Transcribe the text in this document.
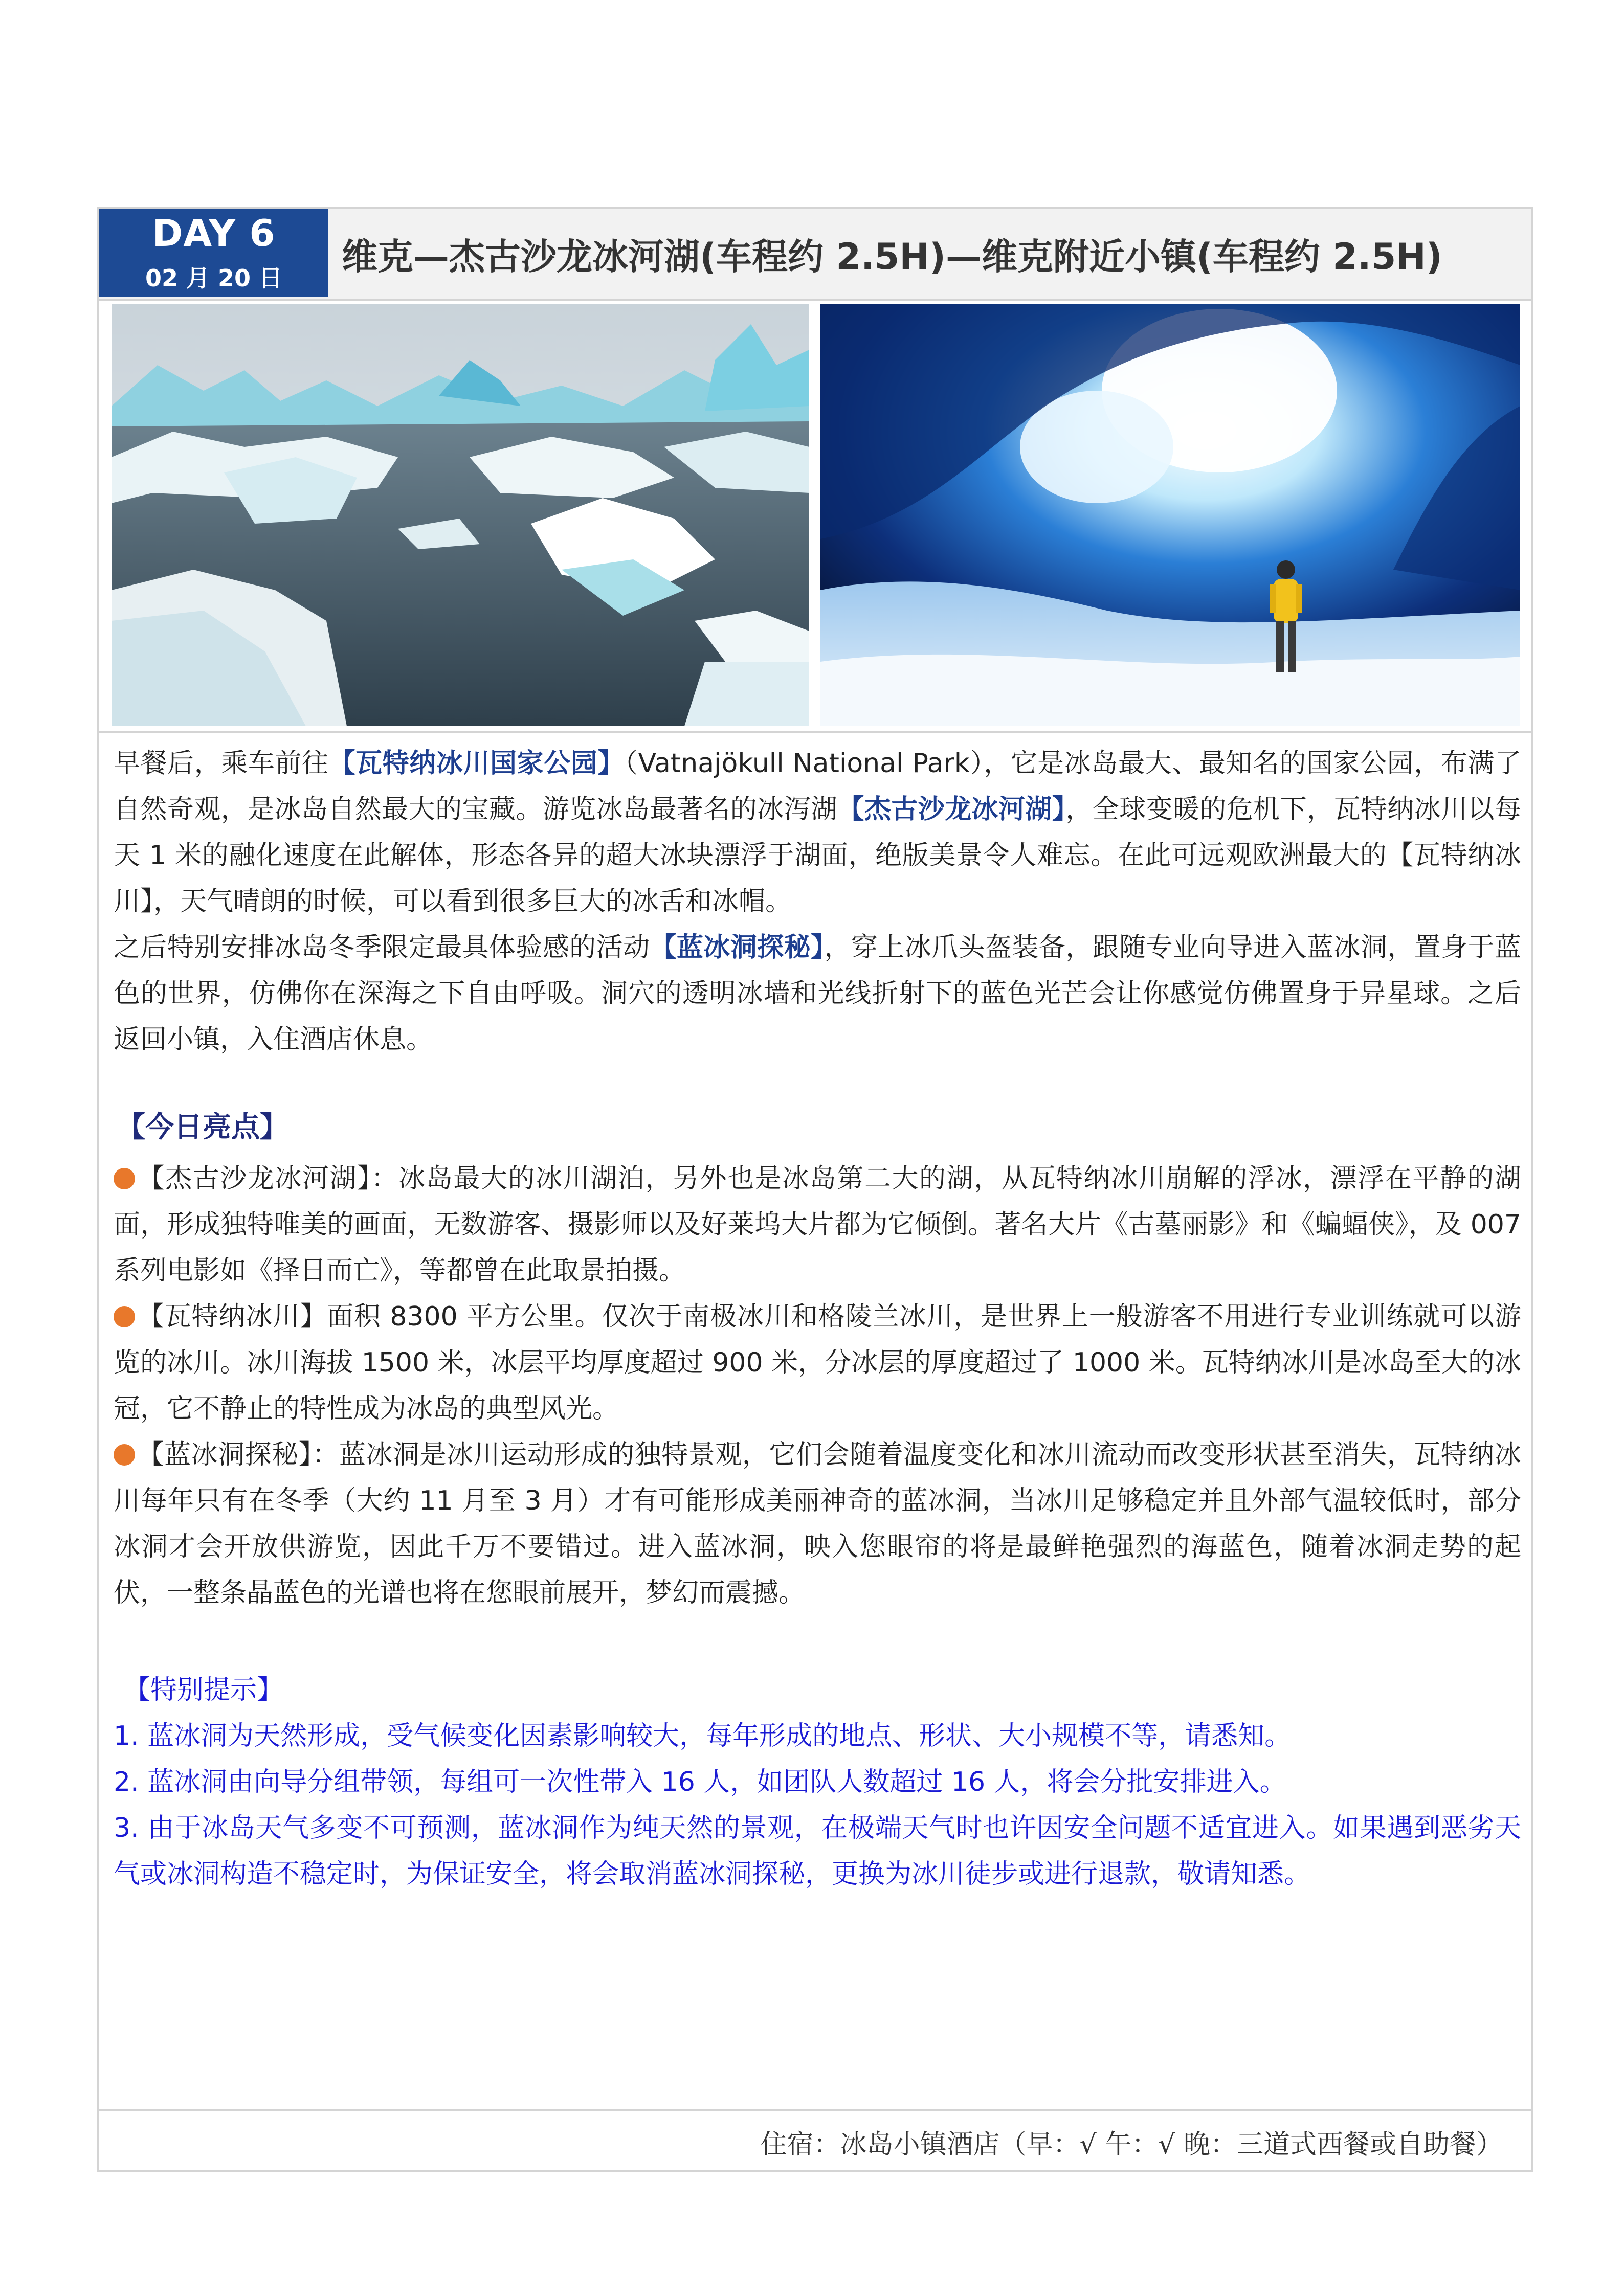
DAY 6
02 月 20 日
维克—杰古沙龙冰河湖(车程约 2.5H)—维克附近小镇(车程约 2.5H)

早餐后，乘车前往【瓦特纳冰川国家公园】（Vatnajökull National Park），它是冰岛最大、最知名的国家公园，布满了自然奇观，是冰岛自然最大的宝藏。游览冰岛最著名的冰泻湖【杰古沙龙冰河湖】，全球变暖的危机下，瓦特纳冰川以每天 1 米的融化速度在此解体，形态各异的超大冰块漂浮于湖面，绝版美景令人难忘。在此可远观欧洲最大的【瓦特纳冰川】，天气晴朗的时候，可以看到很多巨大的冰舌和冰帽。

之后特别安排冰岛冬季限定最具体验感的活动【蓝冰洞探秘】，穿上冰爪头盔装备，跟随专业向导进入蓝冰洞，置身于蓝色的世界，仿佛你在深海之下自由呼吸。洞穴的透明冰墙和光线折射下的蓝色光芒会让你感觉仿佛置身于异星球。之后返回小镇，入住酒店休息。

【今日亮点】

【杰古沙龙冰河湖】：冰岛最大的冰川湖泊，另外也是冰岛第二大的湖，从瓦特纳冰川崩解的浮冰，漂浮在平静的湖面，形成独特唯美的画面，无数游客、摄影师以及好莱坞大片都为它倾倒。著名大片《古墓丽影》和《蝙蝠侠》，及 007 系列电影如《择日而亡》，等都曾在此取景拍摄。

【瓦特纳冰川】面积 8300 平方公里。仅次于南极冰川和格陵兰冰川，是世界上一般游客不用进行专业训练就可以游览的冰川。冰川海拔 1500 米，冰层平均厚度超过 900 米，分冰层的厚度超过了 1000 米。瓦特纳冰川是冰岛至大的冰冠，它不静止的特性成为冰岛的典型风光。

【蓝冰洞探秘】：蓝冰洞是冰川运动形成的独特景观，它们会随着温度变化和冰川流动而改变形状甚至消失，瓦特纳冰川每年只有在冬季（大约 11 月至 3 月）才有可能形成美丽神奇的蓝冰洞，当冰川足够稳定并且外部气温较低时，部分冰洞才会开放供游览，因此千万不要错过。进入蓝冰洞，映入您眼帘的将是最鲜艳强烈的海蓝色，随着冰洞走势的起伏，一整条晶蓝色的光谱也将在您眼前展开，梦幻而震撼。

【特别提示】

1. 蓝冰洞为天然形成，受气候变化因素影响较大，每年形成的地点、形状、大小规模不等，请悉知。

2. 蓝冰洞由向导分组带领，每组可一次性带入 16 人，如团队人数超过 16 人，将会分批安排进入。

3. 由于冰岛天气多变不可预测，蓝冰洞作为纯天然的景观，在极端天气时也许因安全问题不适宜进入。如果遇到恶劣天气或冰洞构造不稳定时，为保证安全，将会取消蓝冰洞探秘，更换为冰川徒步或进行退款，敬请知悉。

住宿：冰岛小镇酒店（早：√ 午：√ 晚：三道式西餐或自助餐）
